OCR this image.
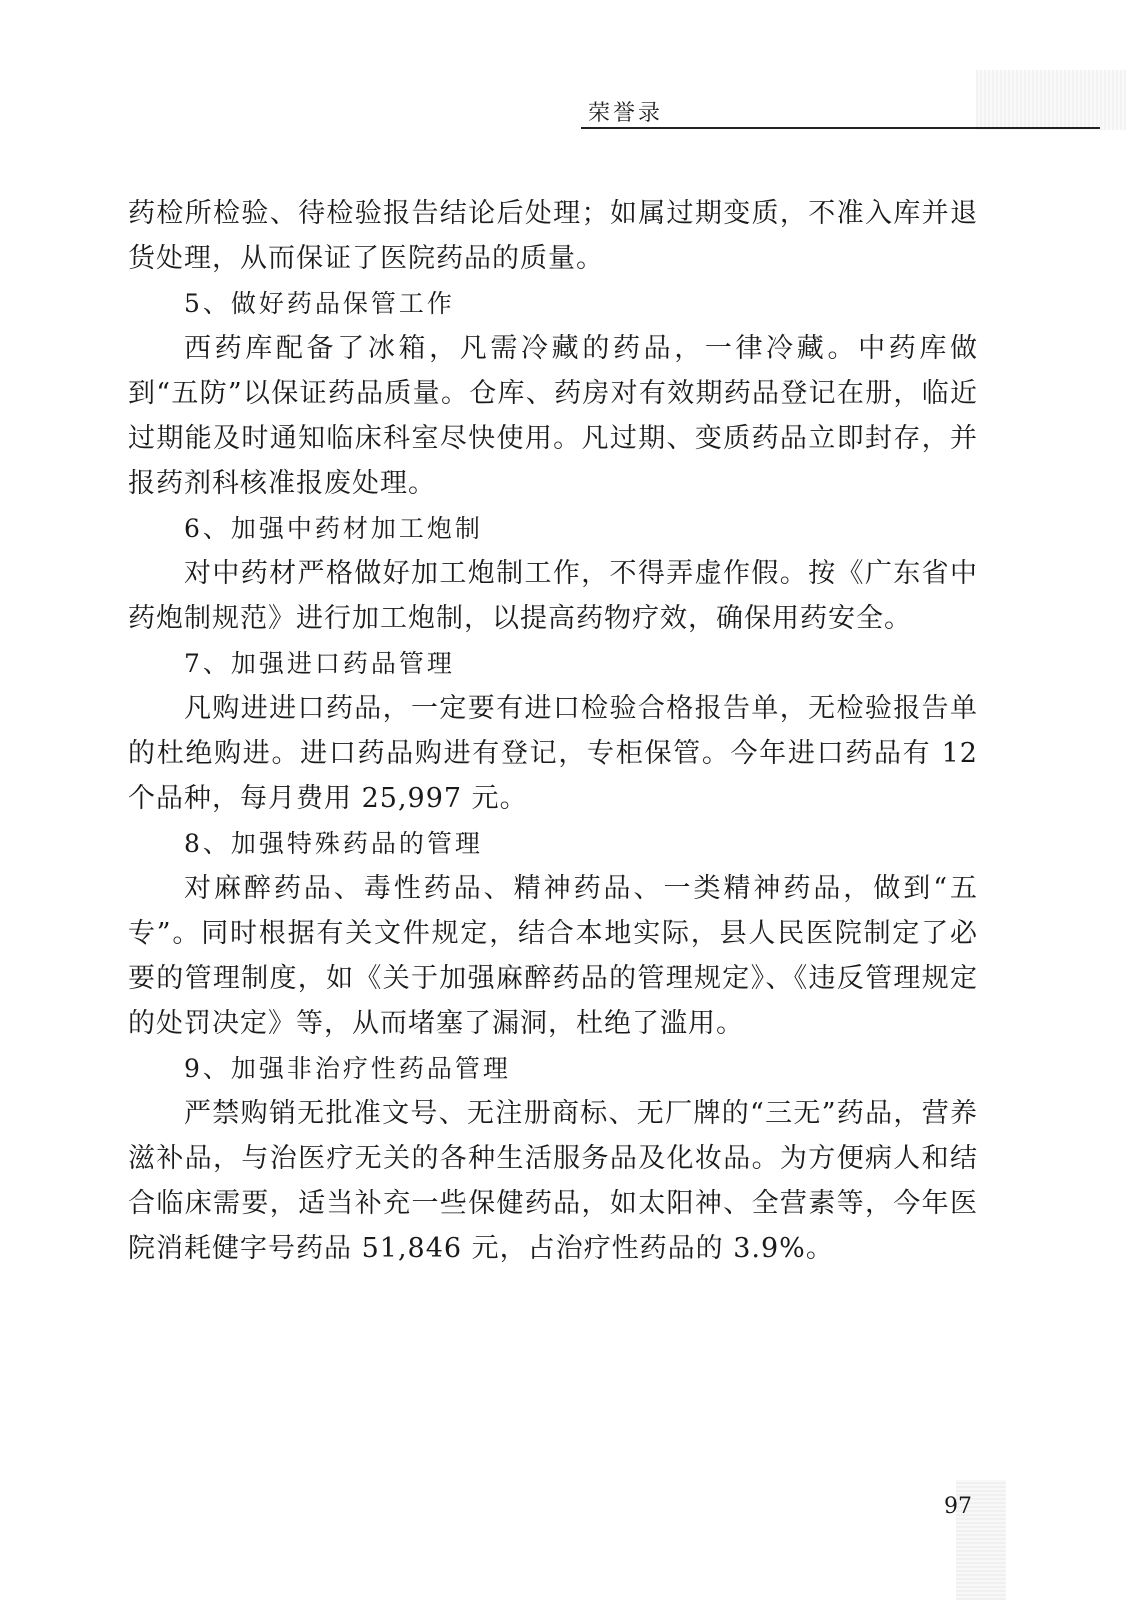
荣誉录

药检所检验、待检验报告结论后处理；如属过期变质，不准入库并退货处理，从而保证了医院药品的质量。

5、做好药品保管工作

西药库配备了冰箱，凡需冷藏的药品，一律冷藏。中药库做到“五防”以保证药品质量。仓库、药房对有效期药品登记在册，临近过期能及时通知临床科室尽快使用。凡过期、变质药品立即封存，并报药剂科核准报废处理。

6、加强中药材加工炮制

对中药材严格做好加工炮制工作，不得弄虚作假。按《广东省中药炮制规范》进行加工炮制，以提高药物疗效，确保用药安全。

7、加强进口药品管理

凡购进进口药品，一定要有进口检验合格报告单，无检验报告单的杜绝购进。进口药品购进有登记，专柜保管。今年进口药品有 12 个品种，每月费用 25,997 元。

8、加强特殊药品的管理

对麻醉药品、毒性药品、精神药品、一类精神药品，做到“五专”。同时根据有关文件规定，结合本地实际，县人民医院制定了必要的管理制度，如《关于加强麻醉药品的管理规定》、《违反管理规定的处罚决定》等，从而堵塞了漏洞，杜绝了滥用。

9、加强非治疗性药品管理

严禁购销无批准文号、无注册商标、无厂牌的“三无”药品，营养滋补品，与治医疗无关的各种生活服务品及化妆品。为方便病人和结合临床需要，适当补充一些保健药品，如太阳神、全营素等，今年医院消耗健字号药品 51,846 元，占治疗性药品的 3.9%。

97
